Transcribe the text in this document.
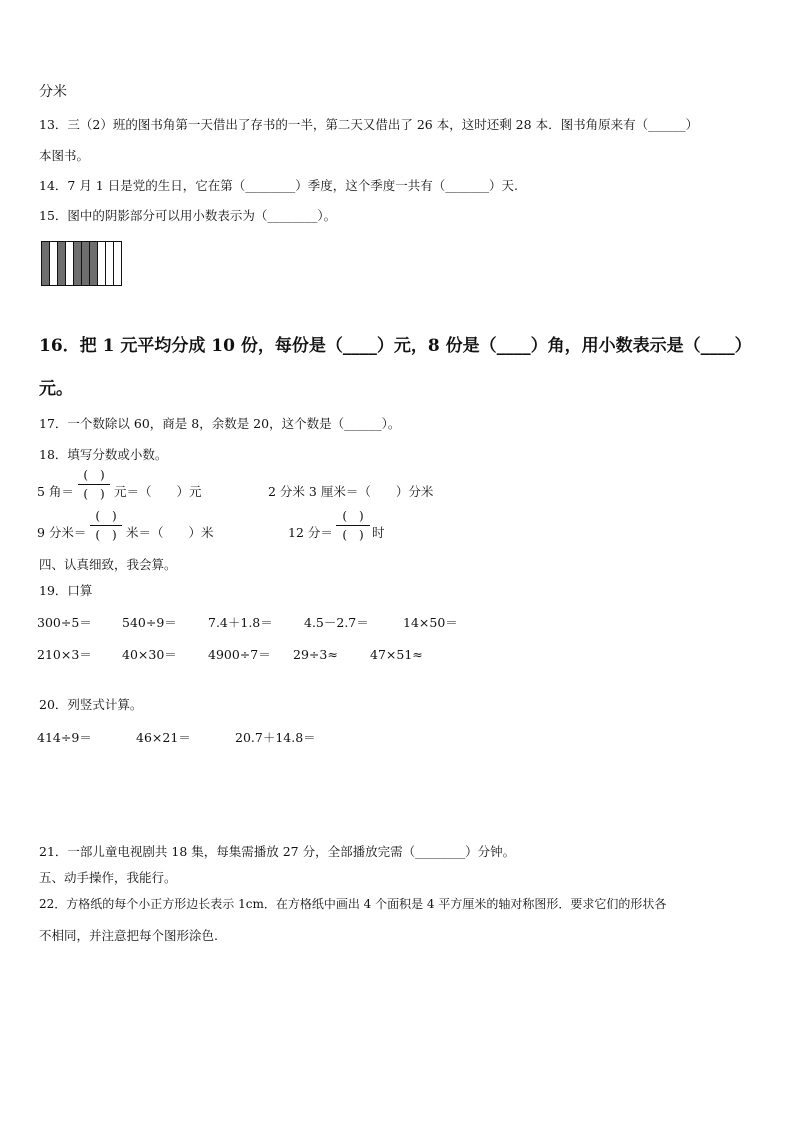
分米
13．三（2）班的图书角第一天借出了存书的一半，第二天又借出了 26 本，这时还剩 28 本．图书角原来有（______）
本图书。
14．7 月 1 日是党的生日，它在第（________）季度，这个季度一共有（_______）天.
15．图中的阴影部分可以用小数表示为（________）。
16．把 1 元平均分成 10 份，每份是（____）元，8 份是（____）角，用小数表示是（____）
元。
17．一个数除以 60，商是 8，余数是 20，这个数是（______）。
18．填写分数或小数。
5 角＝
(　)
(　) 元＝（　　）元	2 分米 3 厘米＝（　　）分米
9 分米＝
(　)
(　) 米＝（　　）米	12 分＝
(　)
(　) 时
四、认真细致，我会算。
19．口算
300÷5＝ 540÷9＝ 7.4＋1.8＝ 4.5－2.7＝	14×50＝
210×3＝ 40×30＝ 4900÷7＝ 29÷3≈	47×51≈
20．列竖式计算。
414÷9＝	46×21＝	20.7＋14.8＝
21．一部儿童电视剧共 18 集，每集需播放 27 分，全部播放完需（________）分钟。
五、动手操作，我能行。
22．方格纸的每个小正方形边长表示 1cm．在方格纸中画出 4 个面积是 4 平方厘米的轴对称图形．要求它们的形状各
不相同，并注意把每个图形涂色.
